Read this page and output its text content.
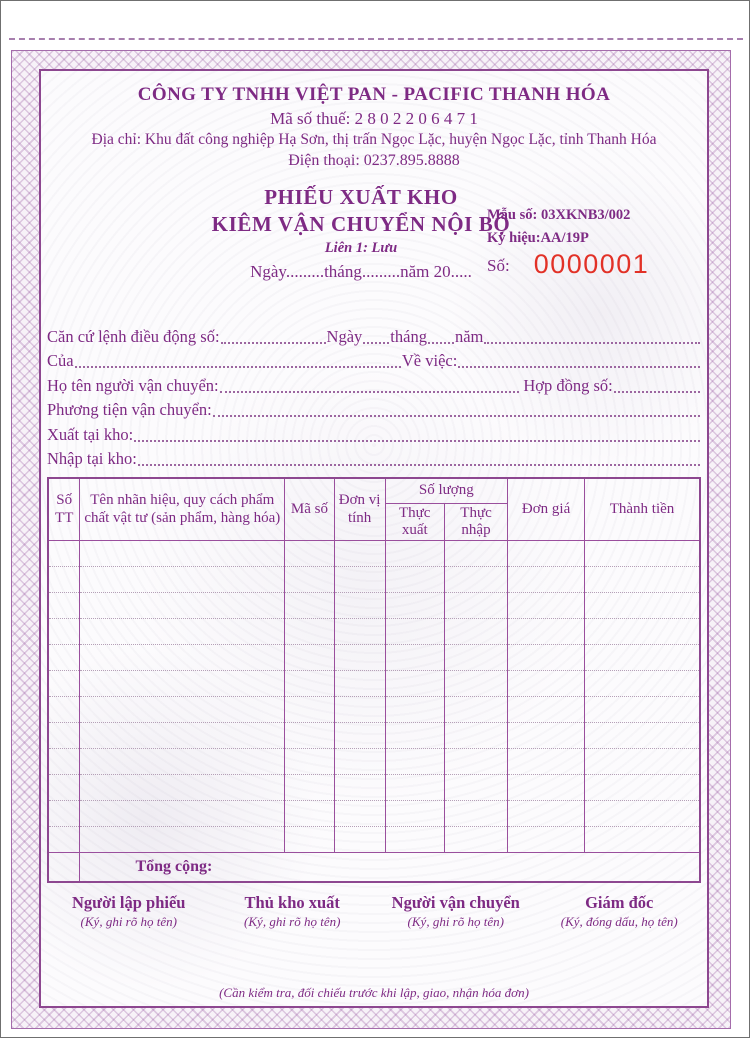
CÔNG TY TNHH VIỆT PAN - PACIFIC THANH HÓA
Mã số thuế: 2 8 0 2 2 0 6 4 7 1
Địa chỉ: Khu đất công nghiệp Hạ Sơn, thị trấn Ngọc Lặc, huyện Ngọc Lặc, tỉnh Thanh Hóa
Điện thoại: 0237.895.8888
PHIẾU XUẤT KHO
KIÊM VẬN CHUYỂN NỘI BỘ
Liên 1: Lưu
Ngày.........tháng.........năm 20.....
Mẫu số: 03XKNB3/002
Ký hiệu:AA/19P
Số: 0000001
Căn cứ lệnh điều động số:	Ngày tháng năm
Của	Về việc:
Họ tên người vận chuyển:	Hợp đồng số:
Phương tiện vận chuyển:
Xuất tại kho:
Nhập tại kho:
Số TT	Tên nhãn hiệu, quy cách phẩm chất vật tư (sản phẩm, hàng hóa)	Mã số	Đơn vị tính	Số lượng		Đơn giá	Thành tiền
				Thực xuất	Thực nhập		

	Tổng cộng:						
Người lập phiếu
(Ký, ghi rõ họ tên)
Thủ kho xuất
(Ký, ghi rõ họ tên)
Người vận chuyển
(Ký, ghi rõ họ tên)
Giám đốc
(Ký, đóng dấu, họ tên)
(Cần kiểm tra, đối chiếu trước khi lập, giao, nhận hóa đơn)
